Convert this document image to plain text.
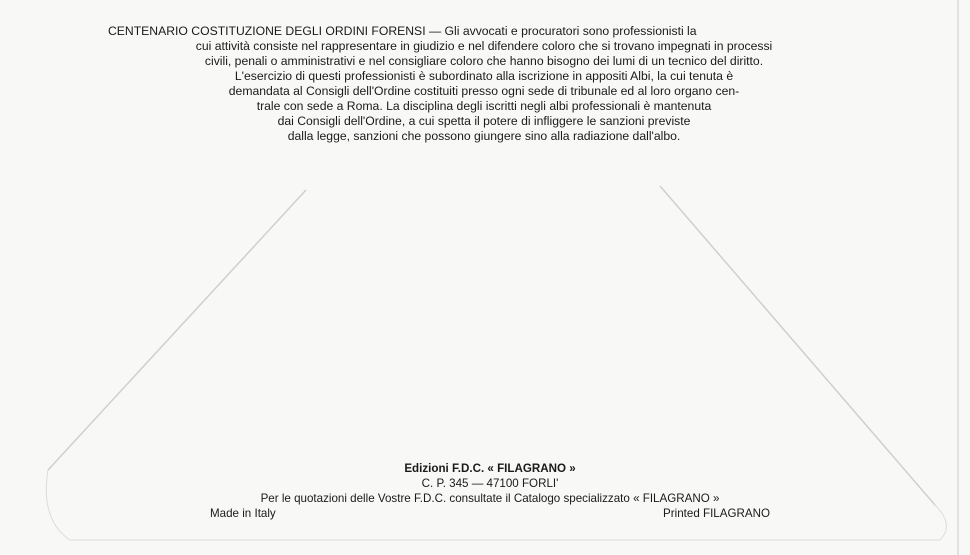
CENTENARIO COSTITUZIONE DEGLI ORDINI FORENSI — Gli avvocati e procuratori sono professionisti la
cui attività consiste nel rappresentare in giudizio e nel difendere coloro che si trovano impegnati in processi
civili, penali o amministrativi e nel consigliare coloro che hanno bisogno dei lumi di un tecnico del diritto.
L'esercizio di questi professionisti è subordinato alla iscrizione in appositi Albi, la cui tenuta è
demandata al Consigli dell'Ordine costituiti presso ogni sede di tribunale ed al loro organo cen-
trale con sede a Roma. La disciplina degli iscritti negli albi professionali è mantenuta
dai Consigli dell'Ordine, a cui spetta il potere di infliggere le sanzioni previste
dalla legge, sanzioni che possono giungere sino alla radiazione dall'albo.
Edizioni F.D.C. « FILAGRANO »
C. P. 345 — 47100 FORLI'
Per le quotazioni delle Vostre F.D.C. consultate il Catalogo specializzato « FILAGRANO »
Made in Italy	Printed FILAGRANO
